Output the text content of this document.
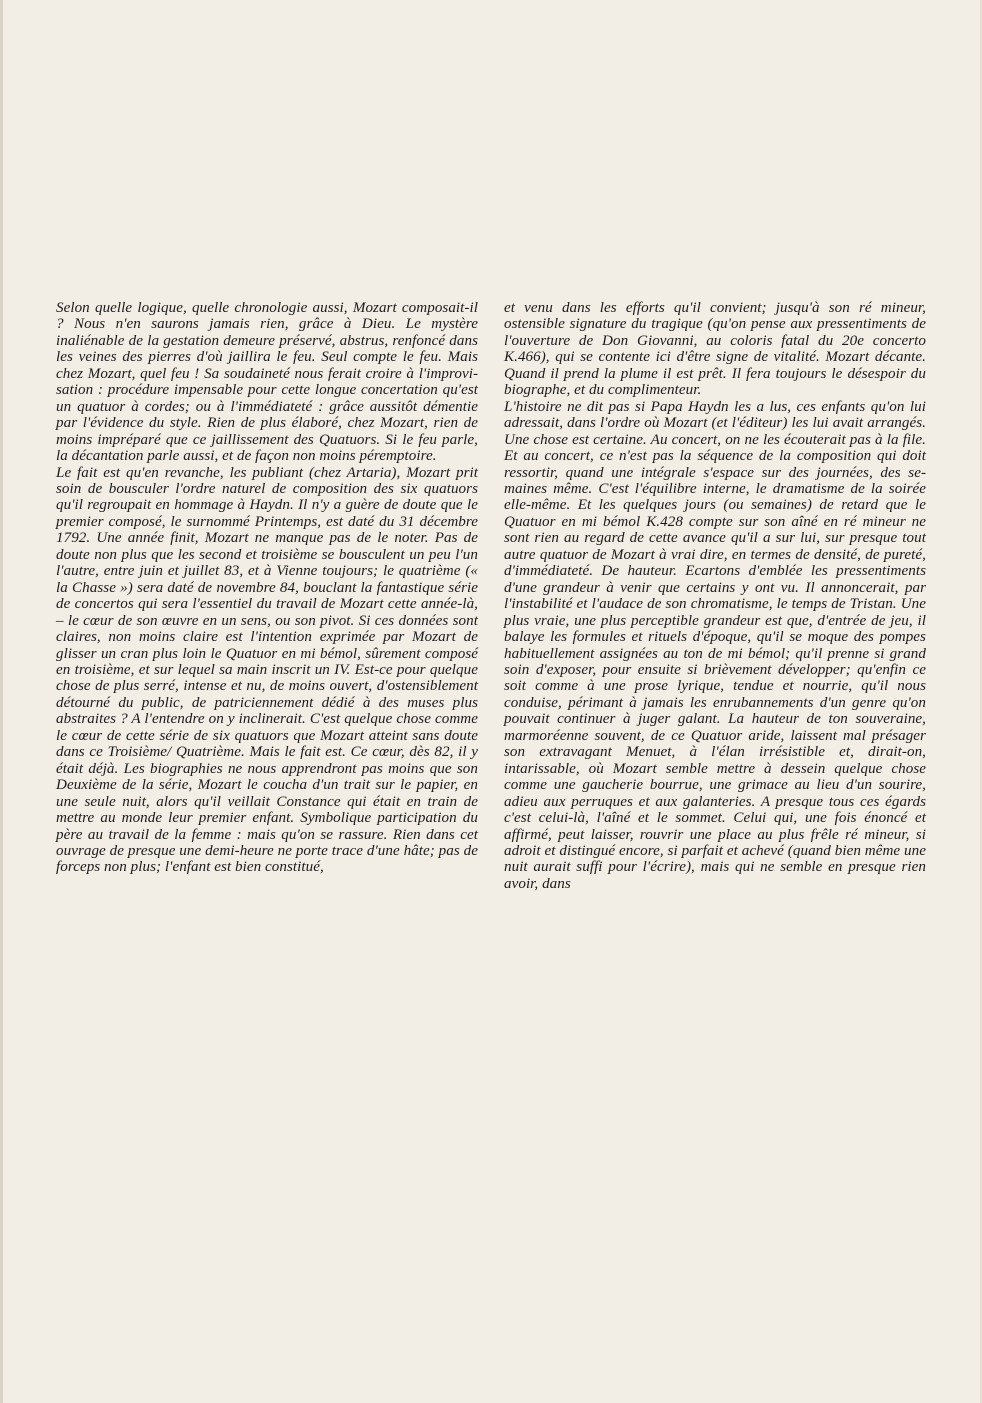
Selon quelle logique, quelle chronologie aussi, Mozart composait-il ? Nous n'en saurons jamais rien, grâce à Dieu. Le mystère inaliénable de la gestation demeure préservé, abstrus, renfoncé dans les veines des pierres d'où jaillira le feu. Seul compte le feu. Mais chez Mozart, quel feu ! Sa soudaineté nous ferait croire à l'improvisation : procédure impensable pour cette longue concertation qu'est un quatuor à cordes; ou à l'immédiateté : grâce aussitôt démentie par l'évidence du style. Rien de plus élaboré, chez Mozart, rien de moins impréparé que ce jaillissement des Quatuors. Si le feu parle, la décantation parle aussi, et de façon non moins péremptoire.

Le fait est qu'en revanche, les publiant (chez Artaria), Mozart prit soin de bousculer l'ordre naturel de composition des six quatuors qu'il regroupait en hommage à Haydn. Il n'y a guère de doute que le premier composé, le surnommé Printemps, est daté du 31 décembre 1792. Une année finit, Mozart ne manque pas de le noter. Pas de doute non plus que les second et troisième se bousculent un peu l'un l'autre, entre juin et juillet 83, et à Vienne toujours; le quatrième (« la Chasse ») sera daté de novembre 84, bouclant la fantastique série de concertos qui sera l'essentiel du travail de Mozart cette année-là, – le cœur de son œuvre en un sens, ou son pivot. Si ces données sont claires, non moins claire est l'intention exprimée par Mozart de glisser un cran plus loin le Quatuor en mi bémol, sûrement composé en troisième, et sur lequel sa main inscrit un IV. Est-ce pour quelque chose de plus serré, intense et nu, de moins ouvert, d'ostensiblement détourné du public, de patriciennement dédié à des muses plus abstraites ? A l'entendre on y inclinerait. C'est quelque chose comme le cœur de cette série de six quatuors que Mozart atteint sans doute dans ce Troisième/ Quatrième. Mais le fait est. Ce cœur, dès 82, il y était déjà. Les biographies ne nous apprendront pas moins que son Deuxième de la série, Mozart le coucha d'un trait sur le papier, en une seule nuit, alors qu'il veillait Constance qui était en train de mettre au monde leur premier enfant. Symbolique participation du père au travail de la femme : mais qu'on se rassure. Rien dans cet ouvrage de presque une demi-heure ne porte trace d'une hâte; pas de forceps non plus; l'enfant est bien constitué,

et venu dans les efforts qu'il convient; jusqu'à son ré mineur, ostensible signature du tragique (qu'on pense aux pressentiments de l'ouverture de Don Giovanni, au coloris fatal du 20e concerto K.466), qui se contente ici d'être signe de vitalité. Mozart décante. Quand il prend la plume il est prêt. Il fera toujours le désespoir du biographe, et du complimenteur.

L'histoire ne dit pas si Papa Haydn les a lus, ces enfants qu'on lui adressait, dans l'ordre où Mozart (et l'éditeur) les lui avait arrangés. Une chose est certaine. Au concert, on ne les écouterait pas à la file. Et au concert, ce n'est pas la séquence de la composition qui doit ressortir, quand une intégrale s'espace sur des journées, des semaines même. C'est l'équilibre interne, le dramatisme de la soirée elle-même. Et les quelques jours (ou semaines) de retard que le Quatuor en mi bémol K.428 compte sur son aîné en ré mineur ne sont rien au regard de cette avance qu'il a sur lui, sur presque tout autre quatuor de Mozart à vrai dire, en termes de densité, de pureté, d'immédiateté. De hauteur. Ecartons d'emblée les pressentiments d'une grandeur à venir que certains y ont vu. Il annoncerait, par l'instabilité et l'audace de son chromatisme, le temps de Tristan. Une plus vraie, une plus perceptible grandeur est que, d'entrée de jeu, il balaye les formules et rituels d'époque, qu'il se moque des pompes habituellement assignées au ton de mi bémol; qu'il prenne si grand soin d'exposer, pour ensuite si brièvement développer; qu'enfin ce soit comme à une prose lyrique, tendue et nourrie, qu'il nous conduise, périmant à jamais les enrubannements d'un genre qu'on pouvait continuer à juger galant. La hauteur de ton souveraine, marmoréenne souvent, de ce Quatuor aride, laissent mal présager son extravagant Menuet, à l'élan irrésistible et, dirait-on, intarissable, où Mozart semble mettre à dessein quelque chose comme une gaucherie bourrue, une grimace au lieu d'un sourire, adieu aux perruques et aux galanteries. A presque tous ces égards c'est celui-là, l'aîné et le sommet. Celui qui, une fois énoncé et affirmé, peut laisser, rouvrir une place au plus frêle ré mineur, si adroit et distingué encore, si parfait et achevé (quand bien même une nuit aurait suffi pour l'écrire), mais qui ne semble en presque rien avoir, dans
